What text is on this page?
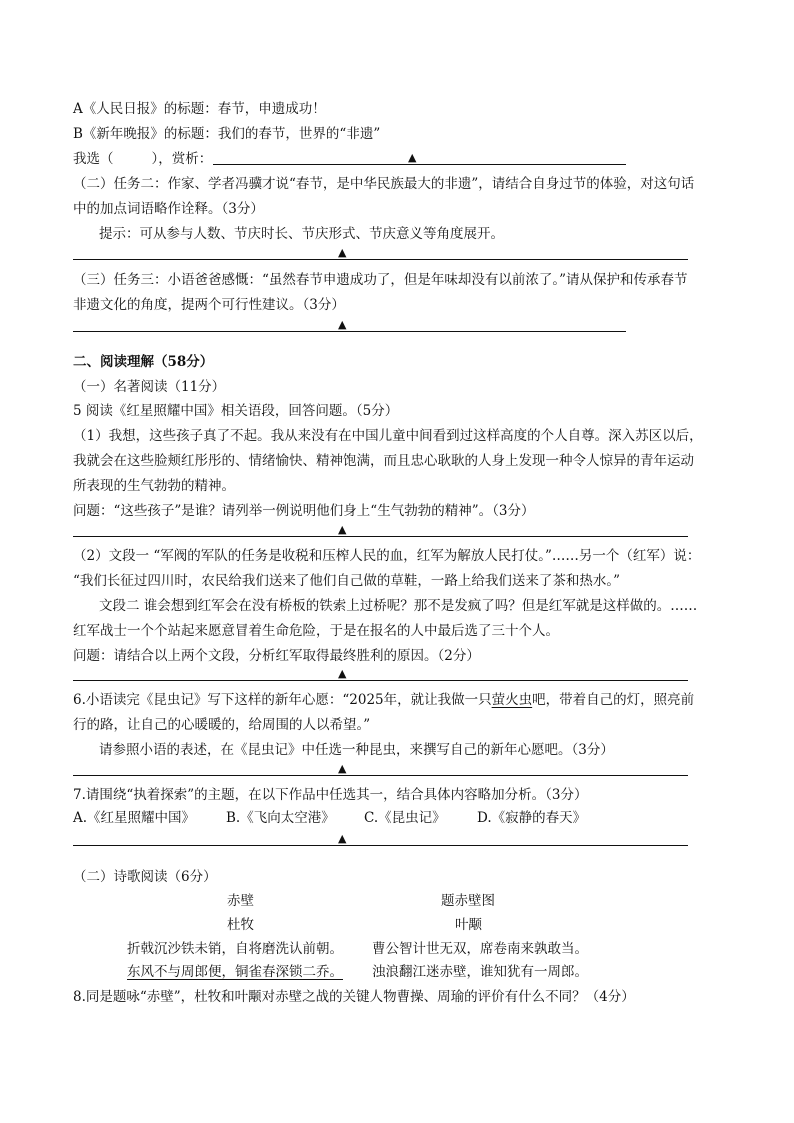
A《人民日报》的标题：春节，申遗成功！
B《新年晚报》的标题：我们的春节，世界的“非遗”
我选（	），赏析：	▲
（二）任务二：作家、学者冯骥才说“春节，是中华民族最大的非遗”，请结合自身过节的体验，对这句话
中的加点词语略作诠释。（3分）
提示：可从参与人数、节庆时长、节庆形式、节庆意义等角度展开。
▲
（三）任务三：小语爸爸感慨：“虽然春节申遗成功了，但是年味却没有以前浓了。”请从保护和传承春节
非遗文化的角度，提两个可行性建议。（3分）
▲
二、阅读理解（58分）
（一）名著阅读（11分）
5 阅读《红星照耀中国》相关语段，回答问题。（5分）
（1）我想，这些孩子真了不起。我从来没有在中国儿童中间看到过这样高度的个人自尊。深入苏区以后，
我就会在这些脸颊红彤彤的、情绪愉快、精神饱满，而且忠心耿耿的人身上发现一种令人惊异的青年运动
所表现的生气勃勃的精神。
问题：“这些孩子”是谁？请列举一例说明他们身上“生气勃勃的精神”。（3分）
▲
（2）文段一 “军阀的军队的任务是收税和压榨人民的血，红军为解放人民打仗。”……另一个（红军）说：
“我们长征过四川时，农民给我们送来了他们自己做的草鞋，一路上给我们送来了茶和热水。”
文段二 谁会想到红军会在没有桥板的铁索上过桥呢？那不是发疯了吗？但是红军就是这样做的。……
红军战士一个个站起来愿意冒着生命危险，于是在报名的人中最后选了三十个人。
问题：请结合以上两个文段，分析红军取得最终胜利的原因。（2分）
▲
6.小语读完《昆虫记》写下这样的新年心愿：“2025年，就让我做一只萤火虫吧，带着自己的灯，照亮前
行的路，让自己的心暖暖的，给周围的人以希望。”
请参照小语的表述，在《昆虫记》中任选一种昆虫，来撰写自己的新年心愿吧。（3分）
▲
7.请围绕“执着探索”的主题，在以下作品中任选其一，结合具体内容略加分析。（3分）
A.《红星照耀中国》 B.《飞向太空港》 C.《昆虫记》 D.《寂静的春天》
▲
（二）诗歌阅读（6分）
赤壁
杜牧
题赤壁图
叶颙
折戟沉沙铁未销，自将磨洗认前朝。
东风不与周郎便，铜雀春深锁二乔。
曹公智计世无双，席卷南来孰敢当。
浊浪翻江迷赤壁，谁知犹有一周郎。
8.同是题咏“赤壁”，杜牧和叶颙对赤壁之战的关键人物曹操、周瑜的评价有什么不同？（4分）
